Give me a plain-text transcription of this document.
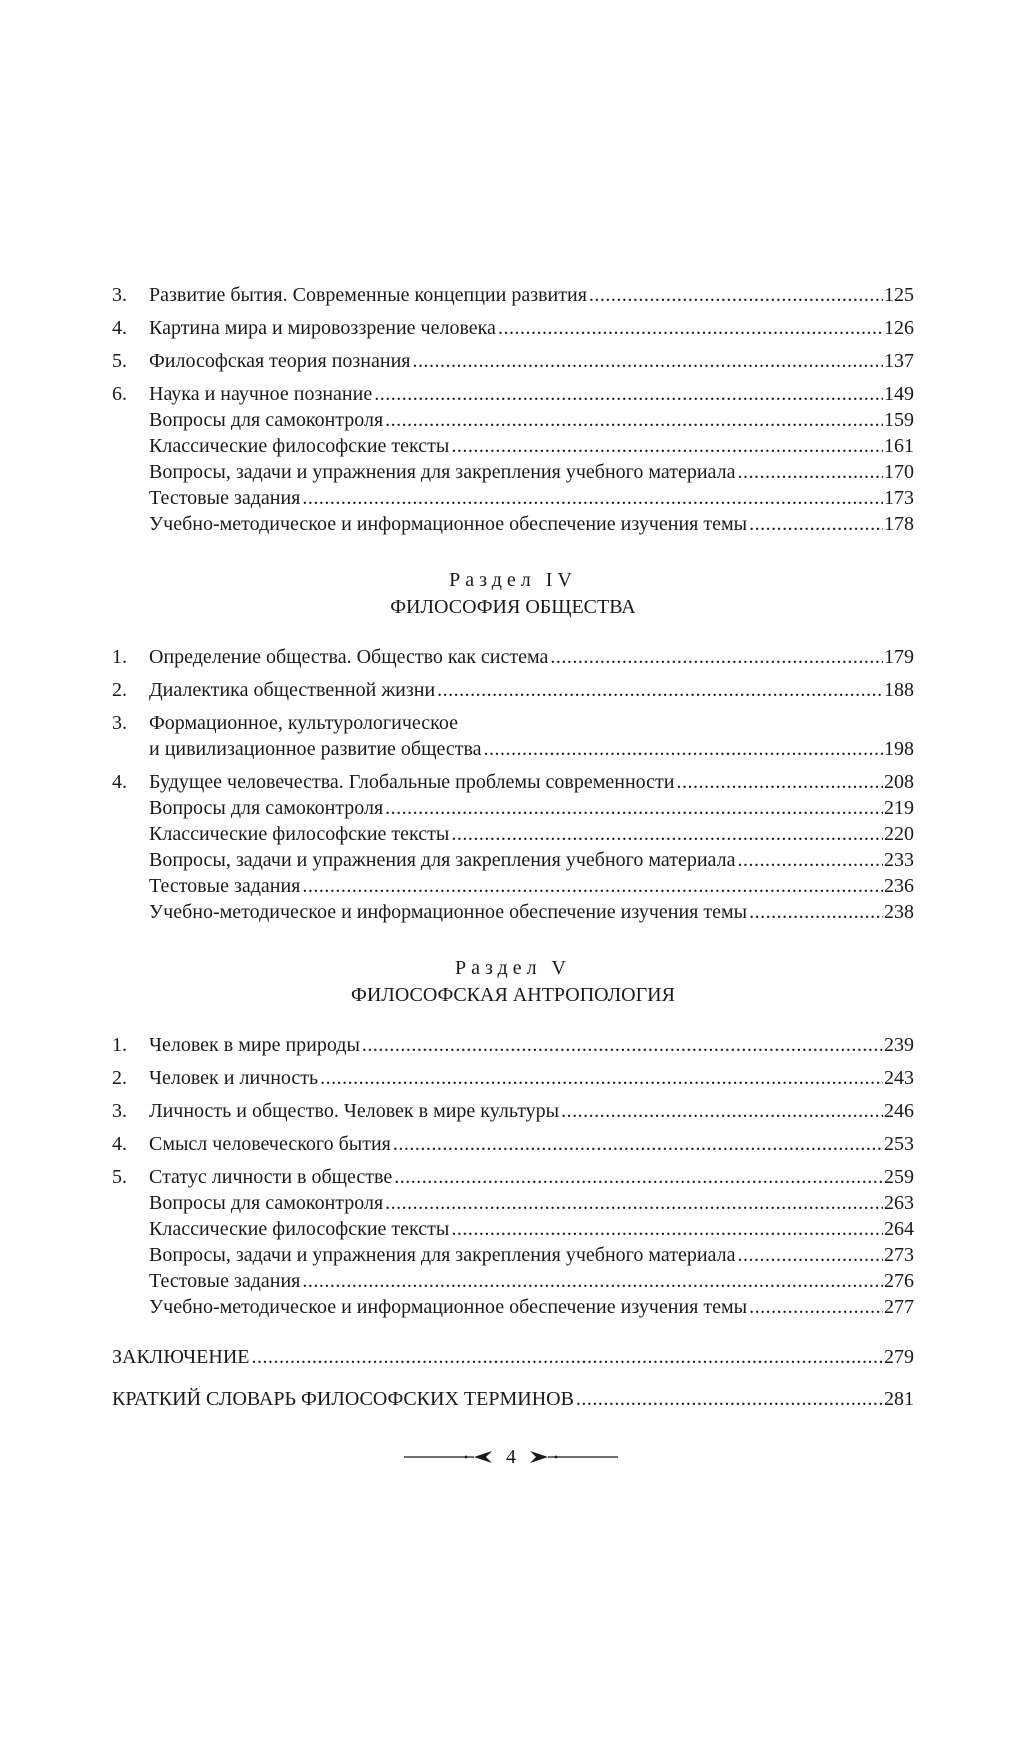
3.	Развитие бытия. Современные концепции развития .....	125
4.	Картина мира и мировоззрение человека .....	126
5.	Философская теория познания .....	137
6.	Наука и научное познание .....	149
Вопросы для самоконтроля .....	159
Классические философские тексты .....	161
Вопросы, задачи и упражнения для закрепления учебного материала .....	170
Тестовые задания .....	173
Учебно-методическое и информационное обеспечение изучения темы .....	178
Раздел IV
ФИЛОСОФИЯ ОБЩЕСТВА
1.	Определение общества. Общество как система .....	179
2.	Диалектика общественной жизни .....	188
3.	Формационное, культурологическое
и цивилизационное развитие общества .....	198
4.	Будущее человечества. Глобальные проблемы современности .....	208
Вопросы для самоконтроля .....	219
Классические философские тексты .....	220
Вопросы, задачи и упражнения для закрепления учебного материала .....	233
Тестовые задания .....	236
Учебно-методическое и информационное обеспечение изучения темы .....	238
Раздел V
ФИЛОСОФСКАЯ АНТРОПОЛОГИЯ
1.	Человек в мире природы .....	239
2.	Человек и личность .....	243
3.	Личность и общество. Человек в мире культуры .....	246
4.	Смысл человеческого бытия .....	253
5.	Статус личности в обществе .....	259
Вопросы для самоконтроля .....	263
Классические философские тексты .....	264
Вопросы, задачи и упражнения для закрепления учебного материала .....	273
Тестовые задания .....	276
Учебно-методическое и информационное обеспечение изучения темы .....	277
ЗАКЛЮЧЕНИЕ .....	279
КРАТКИЙ СЛОВАРЬ ФИЛОСОФСКИХ ТЕРМИНОВ .....	281
4
